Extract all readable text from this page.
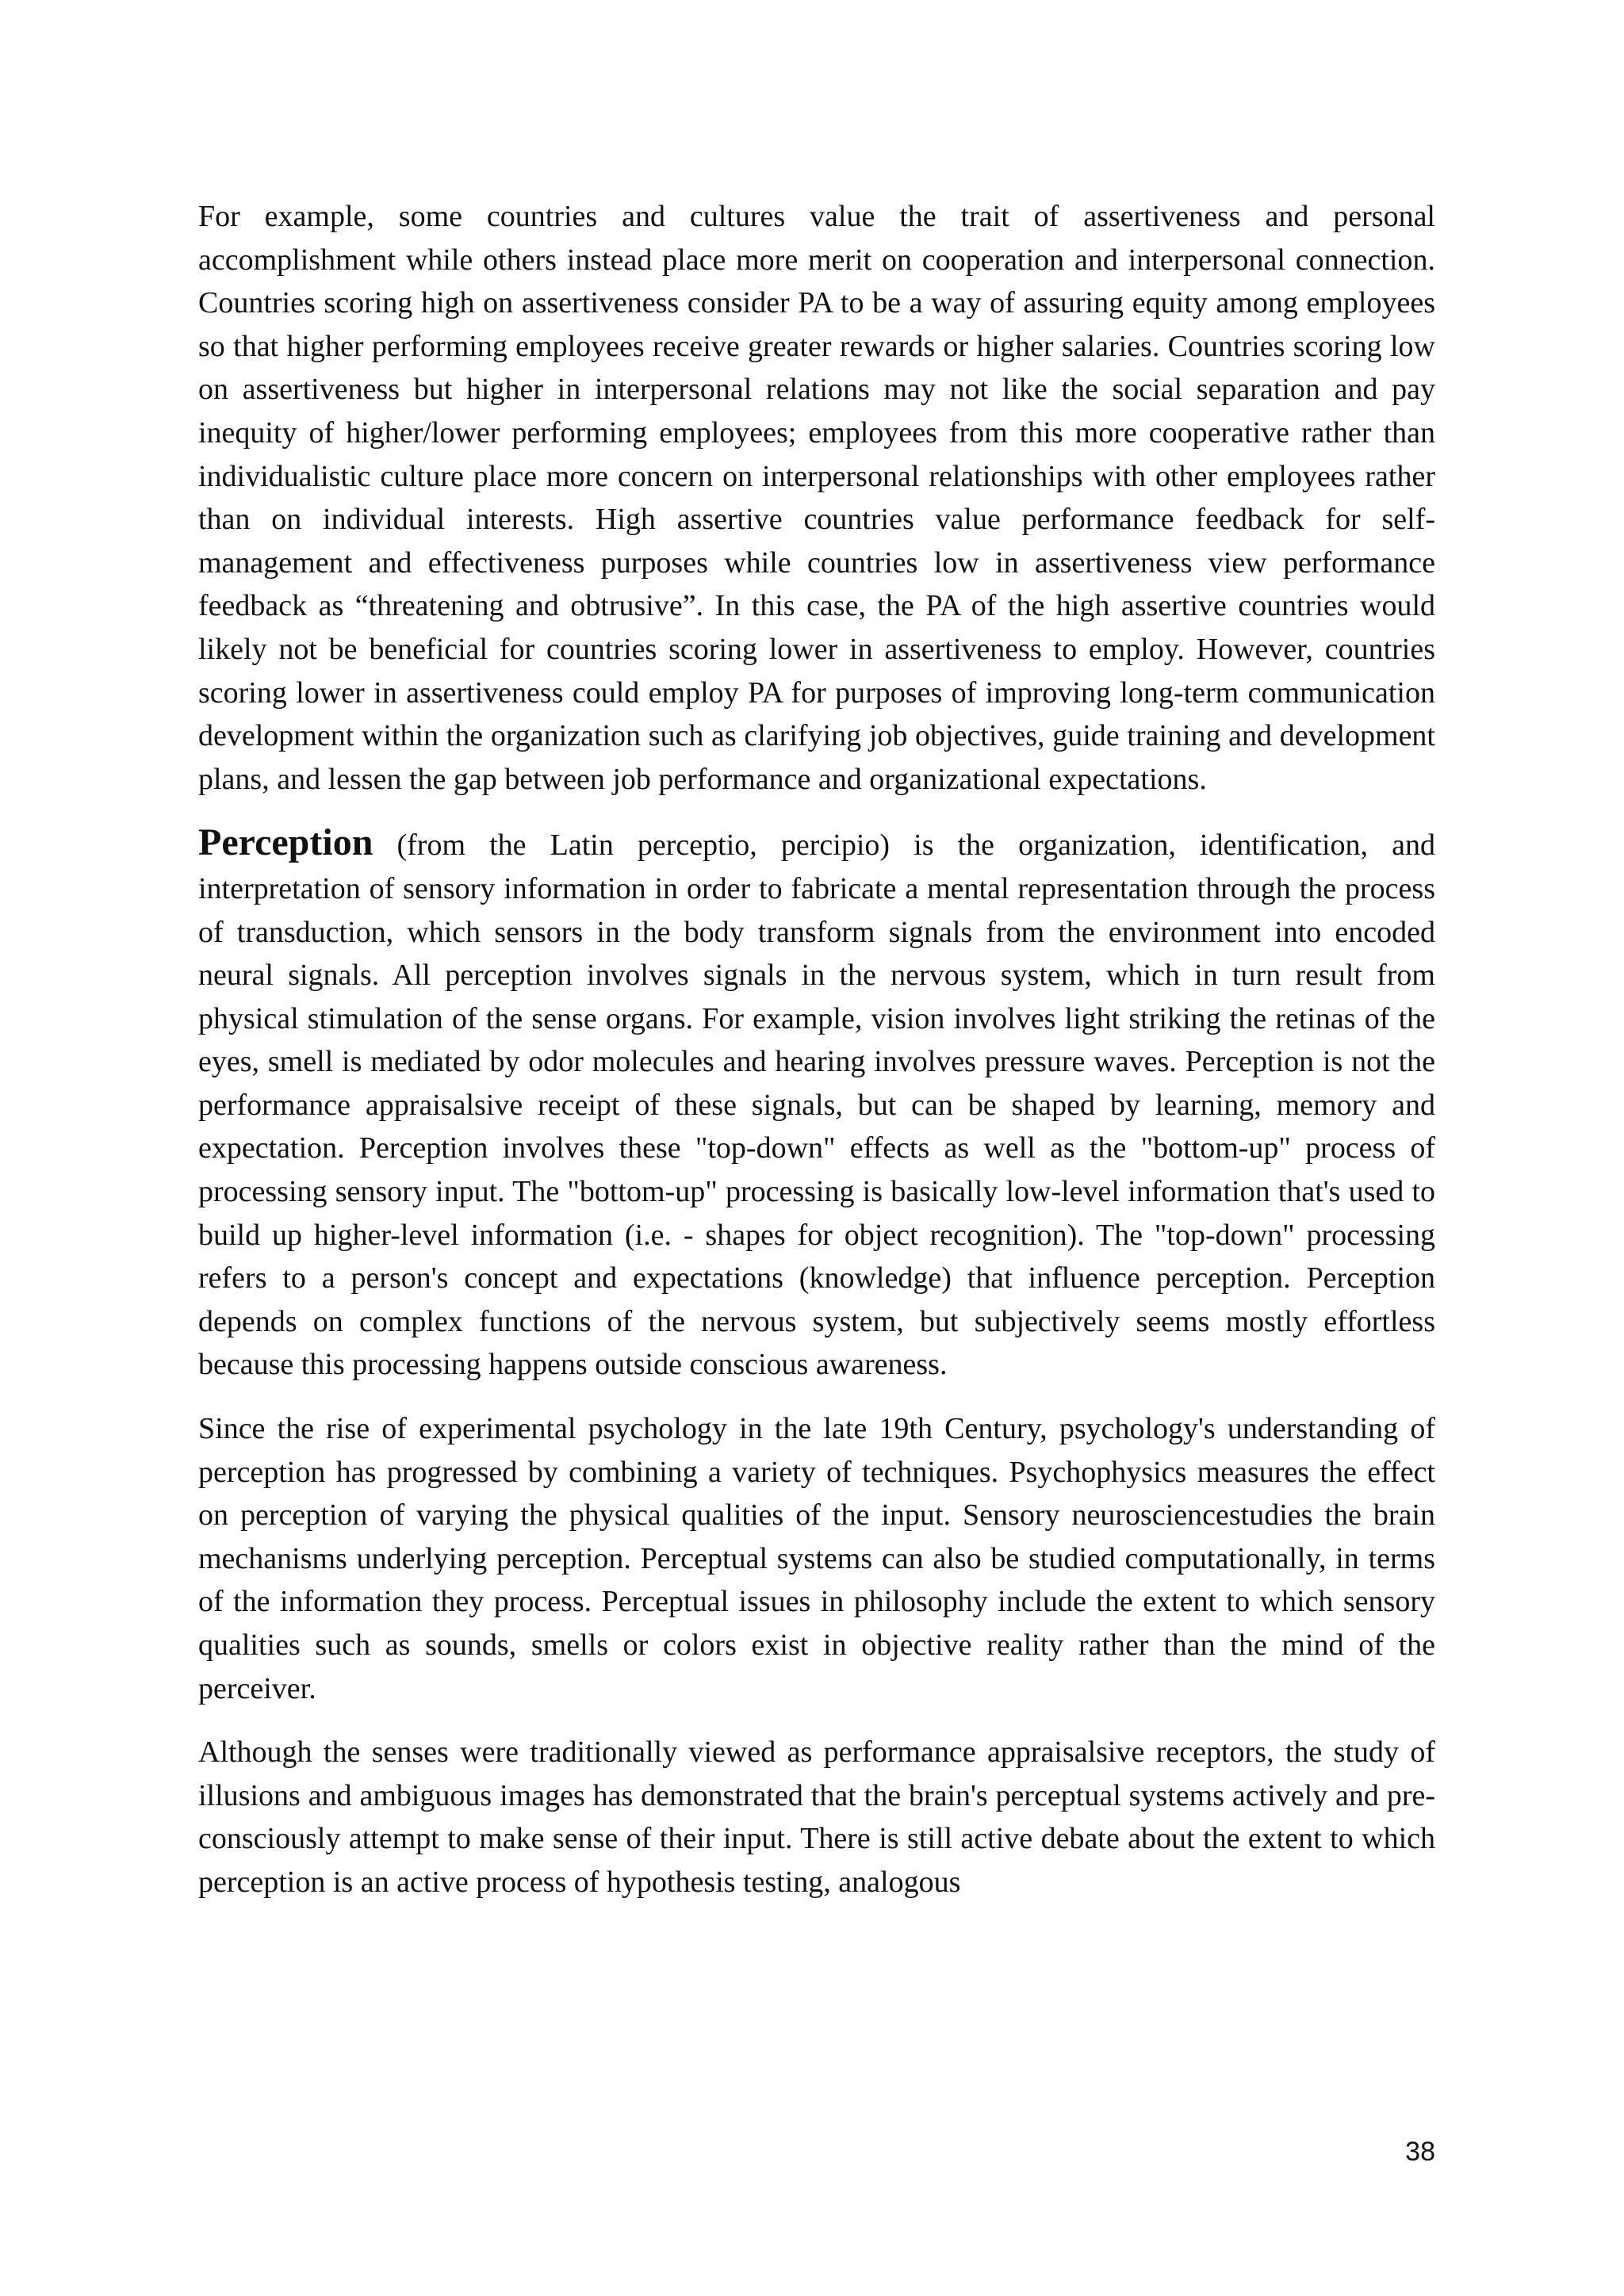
For example, some countries and cultures value the trait of assertiveness and personal accomplishment while others instead place more merit on cooperation and interpersonal connection. Countries scoring high on assertiveness consider PA to be a way of assuring equity among employees so that higher performing employees receive greater rewards or higher salaries. Countries scoring low on assertiveness but higher in interpersonal relations may not like the social separation and pay inequity of higher/lower performing employees; employees from this more cooperative rather than individualistic culture place more concern on interpersonal relationships with other employees rather than on individual interests. High assertive countries value performance feedback for self-management and effectiveness purposes while countries low in assertiveness view performance feedback as “threatening and obtrusive”. In this case, the PA of the high assertive countries would likely not be beneficial for countries scoring lower in assertiveness to employ. However, countries scoring lower in assertiveness could employ PA for purposes of improving long-term communication development within the organization such as clarifying job objectives, guide training and development plans, and lessen the gap between job performance and organizational expectations.

Perception (from the Latin perceptio, percipio) is the organization, identification, and interpretation of sensory information in order to fabricate a mental representation through the process of transduction, which sensors in the body transform signals from the environment into encoded neural signals. All perception involves signals in the nervous system, which in turn result from physical stimulation of the sense organs. For example, vision involves light striking the retinas of the eyes, smell is mediated by odor molecules and hearing involves pressure waves. Perception is not the performance appraisalsive receipt of these signals, but can be shaped by learning, memory and expectation. Perception involves these "top-down" effects as well as the "bottom-up" process of processing sensory input. The "bottom-up" processing is basically low-level information that's used to build up higher-level information (i.e. - shapes for object recognition). The "top-down" processing refers to a person's concept and expectations (knowledge) that influence perception. Perception depends on complex functions of the nervous system, but subjectively seems mostly effortless because this processing happens outside conscious awareness.

Since the rise of experimental psychology in the late 19th Century, psychology's understanding of perception has progressed by combining a variety of techniques. Psychophysics measures the effect on perception of varying the physical qualities of the input. Sensory neurosciencestudies the brain mechanisms underlying perception. Perceptual systems can also be studied computationally, in terms of the information they process. Perceptual issues in philosophy include the extent to which sensory qualities such as sounds, smells or colors exist in objective reality rather than the mind of the perceiver.

Although the senses were traditionally viewed as performance appraisalsive receptors, the study of illusions and ambiguous images has demonstrated that the brain's perceptual systems actively and pre-consciously attempt to make sense of their input. There is still active debate about the extent to which perception is an active process of hypothesis testing, analogous

38
